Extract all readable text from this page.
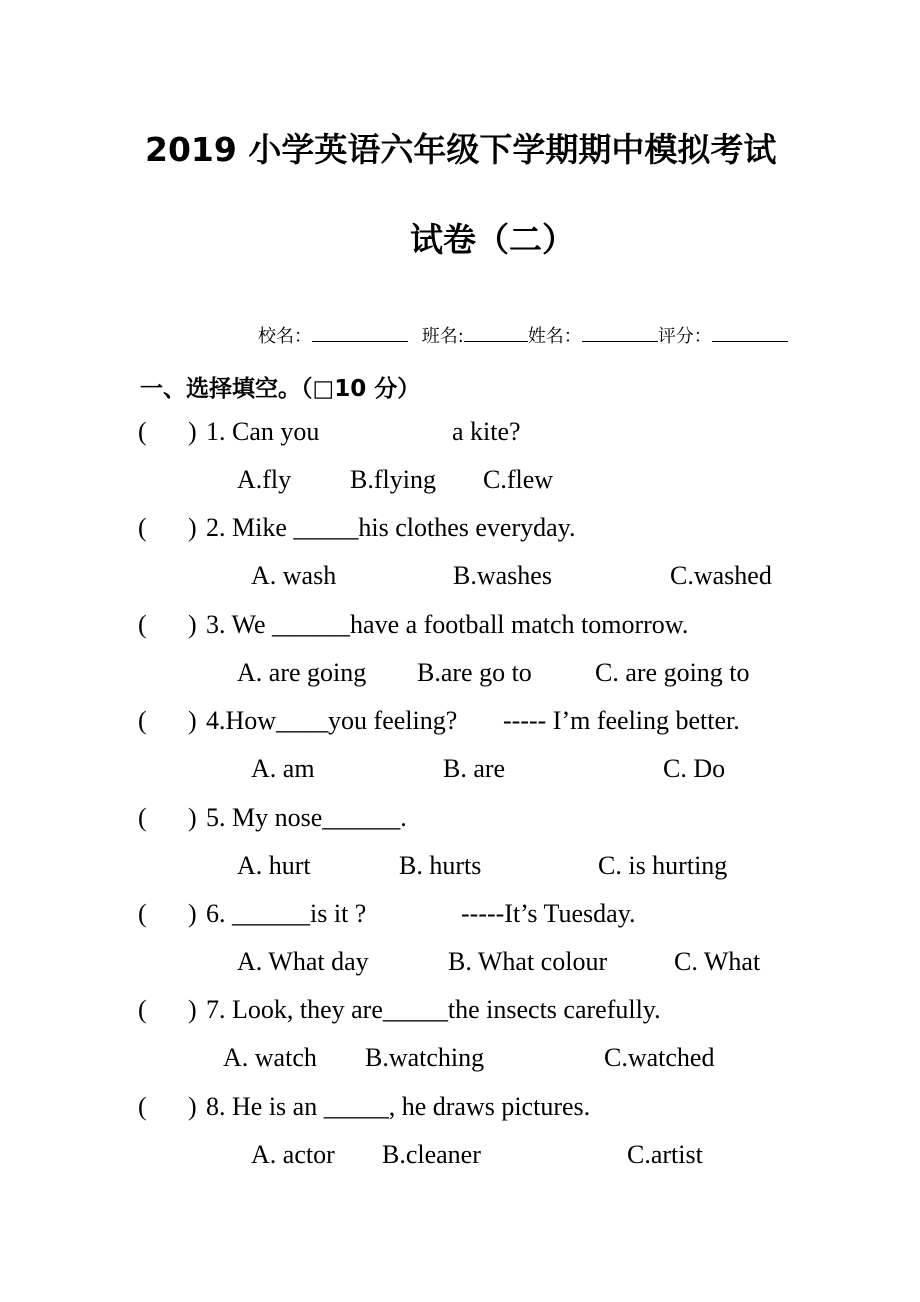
2019 小学英语六年级下学期期中模拟考试
试卷（二）
校名：	班名:	姓名：	评分：
一、选择填空。（□10 分）
( ) 1. Can you	a kite?
A.fly B.flying C.flew
( ) 2. Mike _____his clothes everyday.
A. wash	B.washes	C.washed
( ) 3. We ______have a football match tomorrow.
A. are going B.are go to C. are going to
( ) 4.How____you feeling? ----- I’m feeling better.
A. am	B. are	C. Do
( ) 5. My nose______.
A. hurt	B. hurts	C. is hurting
( ) 6. ______is it ?	-----It’s Tuesday.
A. What day	B. What colour	C. What
( ) 7. Look, they are_____the insects carefully.
A. watch B.watching	C.watched
( ) 8. He is an _____, he draws pictures.
A. actor B.cleaner	C.artist
